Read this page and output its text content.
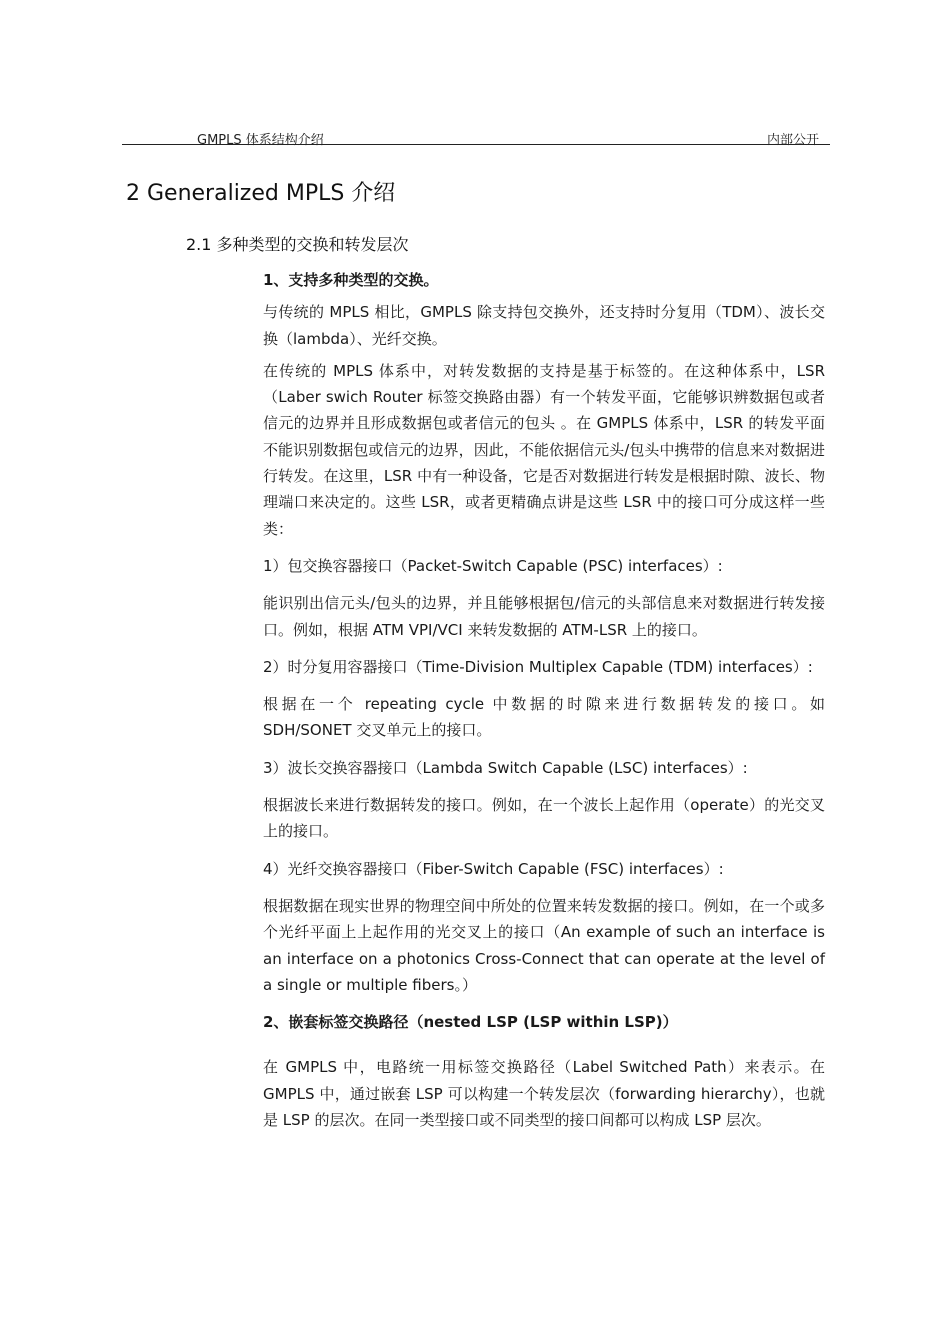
GMPLS 体系结构介绍	内部公开
2 Generalized MPLS 介绍
2.1 多种类型的交换和转发层次

1、支持多种类型的交换。

与传统的 MPLS 相比，GMPLS 除支持包交换外，还支持时分复用（TDM）、波长交换（lambda）、光纤交换。

在传统的 MPLS 体系中，对转发数据的支持是基于标签的。在这种体系中，LSR（Laber swich Router 标签交换路由器）有一个转发平面，它能够识辨数据包或者信元的边界并且形成数据包或者信元的包头 。在 GMPLS 体系中，LSR 的转发平面不能识别数据包或信元的边界，因此，不能依据信元头/包头中携带的信息来对数据进行转发。在这里，LSR 中有一种设备，它是否对数据进行转发是根据时隙、波长、物理端口来决定的。这些 LSR，或者更精确点讲是这些 LSR 中的接口可分成这样一些类：

1）包交换容器接口（Packet-Switch Capable (PSC) interfaces）:

能识别出信元头/包头的边界，并且能够根据包/信元的头部信息来对数据进行转发接口。例如，根据 ATM VPI/VCI 来转发数据的 ATM-LSR 上的接口。

2）时分复用容器接口（Time-Division Multiplex Capable (TDM) interfaces）:

根据在一个 repeating cycle 中数据的时隙来进行数据转发的接口。如 SDH/SONET 交叉单元上的接口。

3）波长交换容器接口（Lambda Switch Capable (LSC) interfaces）:

根据波长来进行数据转发的接口。例如，在一个波长上起作用（operate）的光交叉上的接口。

4）光纤交换容器接口（Fiber-Switch Capable (FSC) interfaces）:

根据数据在现实世界的物理空间中所处的位置来转发数据的接口。例如，在一个或多个光纤平面上上起作用的光交叉上的接口（An example of such an interface is an interface on a photonics Cross-Connect that can operate at the level of a single or multiple fibers。）

2、嵌套标签交换路径（nested LSP (LSP within LSP)）

在 GMPLS 中，电路统一用标签交换路径（Label Switched Path）来表示。在 GMPLS 中，通过嵌套 LSP 可以构建一个转发层次（forwarding hierarchy），也就是 LSP 的层次。在同一类型接口或不同类型的接口间都可以构成 LSP 层次。
